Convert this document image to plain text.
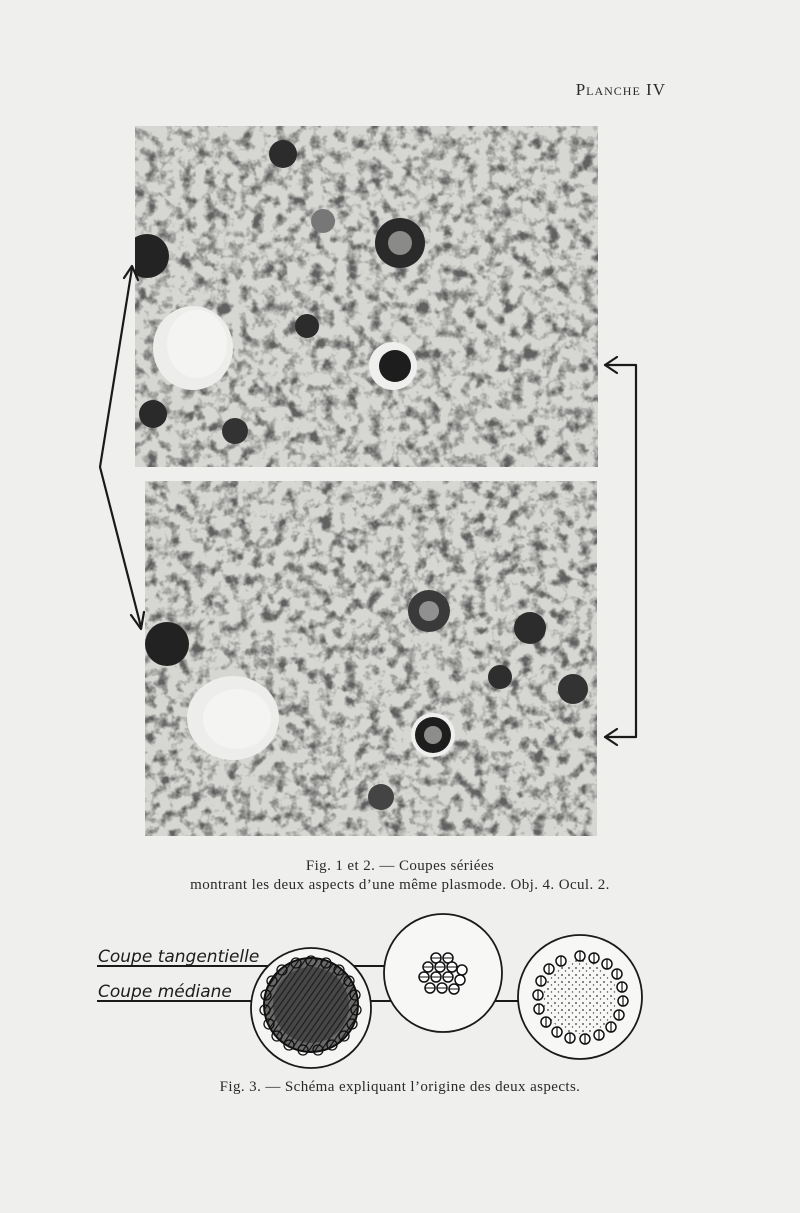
Planche IV
Fig. 1 et 2. — Coupes sériées
montrant les deux aspects d’une même plasmode. Obj. 4. Ocul. 2.
Coupe tangentielle
Coupe médiane
Fig. 3. — Schéma expliquant l’origine des deux aspects.
